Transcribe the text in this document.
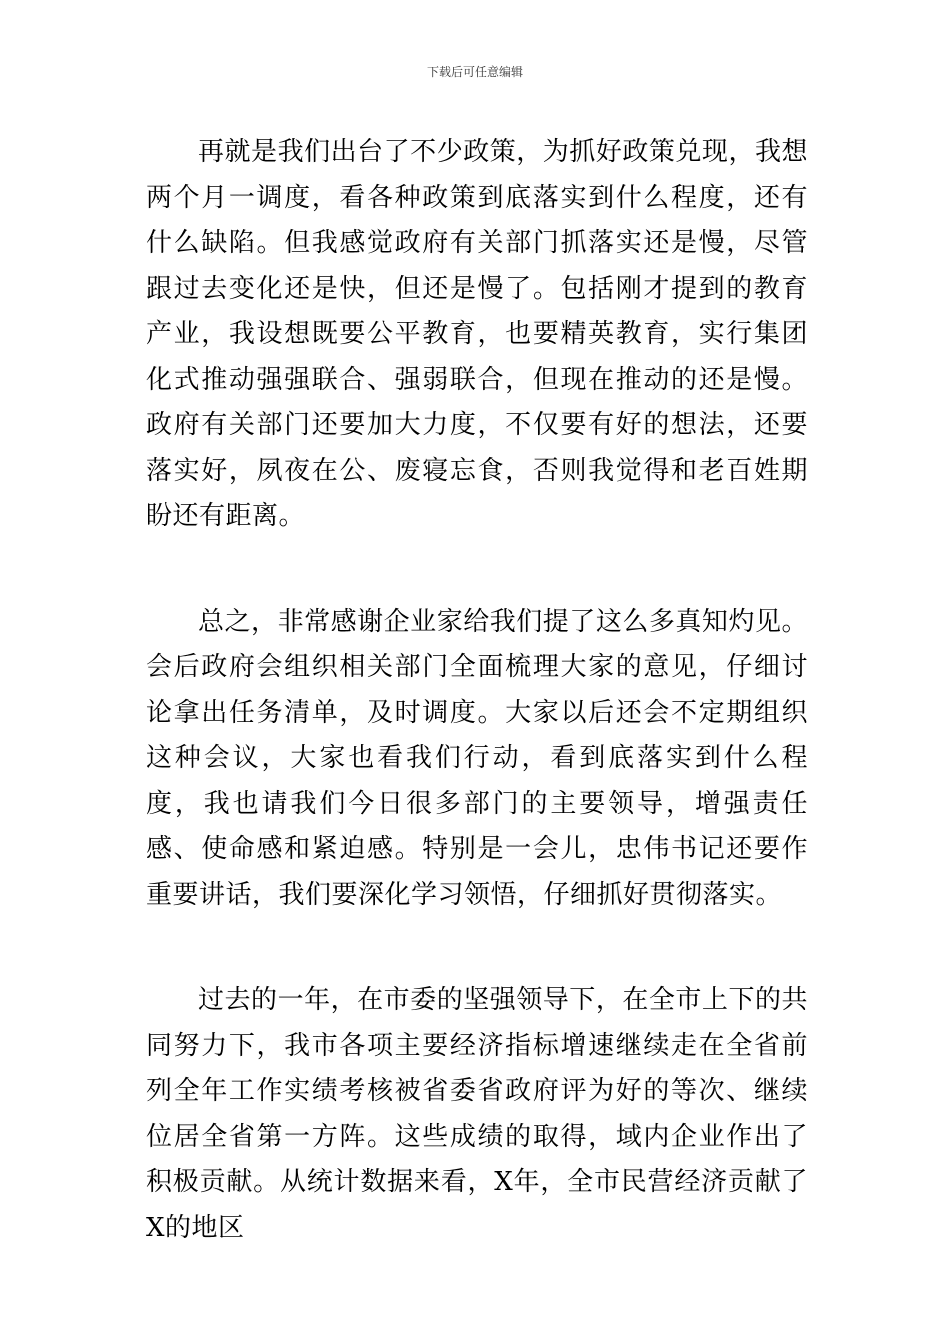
下载后可任意编辑

再就是我们出台了不少政策，为抓好政策兑现，我想两个月一调度，看各种政策到底落实到什么程度，还有什么缺陷。但我感觉政府有关部门抓落实还是慢，尽管跟过去变化还是快，但还是慢了。包括刚才提到的教育产业，我设想既要公平教育，也要精英教育，实行集团化式推动强强联合、强弱联合，但现在推动的还是慢。政府有关部门还要加大力度，不仅要有好的想法，还要落实好，夙夜在公、废寝忘食，否则我觉得和老百姓期盼还有距离。

总之，非常感谢企业家给我们提了这么多真知灼见。会后政府会组织相关部门全面梳理大家的意见，仔细讨论拿出任务清单，及时调度。大家以后还会不定期组织这种会议，大家也看我们行动，看到底落实到什么程度，我也请我们今日很多部门的主要领导，增强责任感、使命感和紧迫感。特别是一会儿，忠伟书记还要作重要讲话，我们要深化学习领悟，仔细抓好贯彻落实。

过去的一年，在市委的坚强领导下，在全市上下的共同努力下，我市各项主要经济指标增速继续走在全省前列全年工作实绩考核被省委省政府评为好的等次、继续位居全省第一方阵。这些成绩的取得，域内企业作出了积极贡献。从统计数据来看，X年，全市民营经济贡献了X的地区
